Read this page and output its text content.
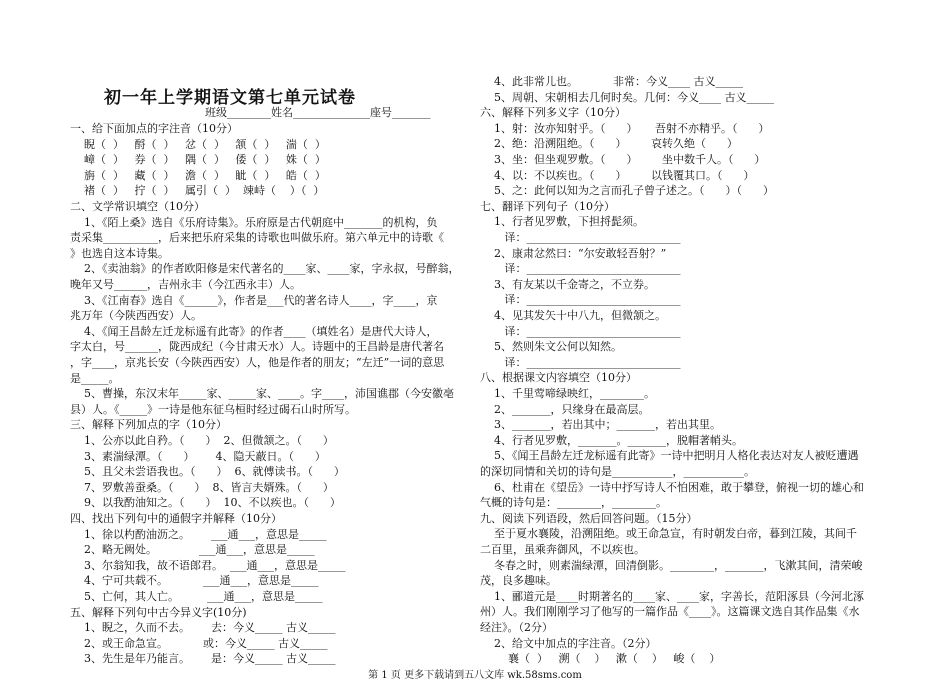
初一年上学期语文第七单元试卷
班级________姓名______________座号_______
一、给下面加点的字注音（10分）
睨（  ）   酹（  ）   忿（  ）   颔（  ）   湍（  ）
嶂（  ）   券（  ）   隅（  ）   倭（  ）   姝（  ）
旃（  ）   藏（  ）   澹（  ）   眦（  ）   皓（  ）
褚（  ）   拧（  ）   属引（  ）  竦峙（    ）（  ）
二、文学常识填空（10分）
1、《陌上桑》选自《乐府诗集》。乐府原是古代朝庭中_______的机构，负
责采集__________，后来把乐府采集的诗歌也叫做乐府。第六单元中的诗歌《
》也选自这本诗集。
2、《卖油翁》的作者欧阳修是宋代著名的____家、____家，字永叔，号醉翁，
晚年又号______，吉州永丰（今江西永丰）人。
3、《江南春》选自《______》，作者是___代的著名诗人____，字____，京
兆万年（今陕西西安）人。
4、《闻王昌龄左迁龙标遥有此寄》的作者____（填姓名）是唐代大诗人，
字太白，号______，陇西成纪（今甘肃天水）人。诗题中的王昌龄是唐代著名
，字____，京兆长安（今陕西西安）人，他是作者的朋友；“左迁”一词的意思
是_____。
5、曹操，东汉末年_____家、_____家、____。字____，沛国谯郡（今安徽亳
县）人。《_____》一诗是他东征乌桓时经过碣石山时所写。
三、解释下列加点的字（10分）
1、公亦以此自矜。（      ）  2、但微颔之。（      ）
3、素湍绿潭。（      ）      4、隐天蔽日。（      ）
5、且父未尝语我也。（      ）  6、就傅读书。（      ）
7、罗敷善蚕桑。（      ）  8、皆言夫婿殊。（      ）
9、以我酌油知之。（      ）  10、不以疾也。（      ）
四、找出下列句中的通假字并解释（10分）
1、徐以杓酌油沥之。      ___通___，意思是_____
2、略无阙处。            ___通___，意思是_____
3、尔翁知我，故不语郎君。  ___通___，意思是_____
4、宁可共载不。          ___通___，意思是_____
5、亡何，其人亡。        ___通___，意思是_____
五、解释下列句中古今异义字(10分)
1、睨之，久而不去。      去：今义_____ 古义_____
2、或王命急宣。          或：今义_____ 古义_____
3、先生是年乃能言。      是：今义_____ 古义_____
4、此非常儿也。          非常：今义____ 古义_____
5、周朝、宋朝相去几何时矣。几何：今义____ 古义_____
六、解释下列多义字（10分）
1、射：汝亦知射乎。（      ）     吾射不亦精乎。（      ）
2、绝：沿溯阻绝。（      ）       哀转久绝（      ）
3、坐：但坐观罗敷。（      ）       坐中数千人。（      ）
4、以：不以疾也。（      ）       以钱覆其口。（      ）
5、之：此何以知为之言而孔子曾子述之。（      ）（      ）
七、翻译下列句子（10分）
1、行者见罗敷，下担捋髭须。
译：____________________________
2、康肃忿然曰：“尔安敢轻吾射？”
译：____________________________
3、有友某以千金寄之，不立券。
译：____________________________
4、见其发矢十中八九，但微颔之。
译：____________________________
5、然则朱文公何以知然。
译：____________________________
八、根据课文内容填空（10分）
1、千里莺啼绿映红，________。
2、_______，只缘身在最高层。
3、_______，若出其中；_______，若出其里。
4、行者见罗敷，_______。_______，脱帽著帩头。
5、《闻王昌龄左迁龙标遥有此寄》一诗中把明月人格化表达对友人被贬遭遇
的深切同情和关切的诗句是___________，___________。
6、杜甫在《望岳》一诗中抒写诗人不怕困难，敢于攀登，俯视一切的雄心和
气概的诗句是：________，________。
九、阅读下列语段，然后回答问题。（15分）
至于夏水襄陵，沿溯阻绝。或王命急宣，有时朝发白帝，暮到江陵，其间千
二百里，虽乘奔御风，不以疾也。
冬春之时，则素湍绿潭，回清倒影。________，_______，飞漱其间，清荣峻
茂，良多趣味。
1、郦道元是____时期著名的____家、____家，字善长，范阳涿县（今河北涿
州）人。我们刚刚学习了他写的一篇作品《____》。这篇课文选自其作品集《水
经注》。（2分）
2、给文中加点的字注音。（2分）
襄（  ）   溯（    ）   漱（    ）   峻（    ）
第 1 页 更多下载请到五八文库 wk.58sms.com
